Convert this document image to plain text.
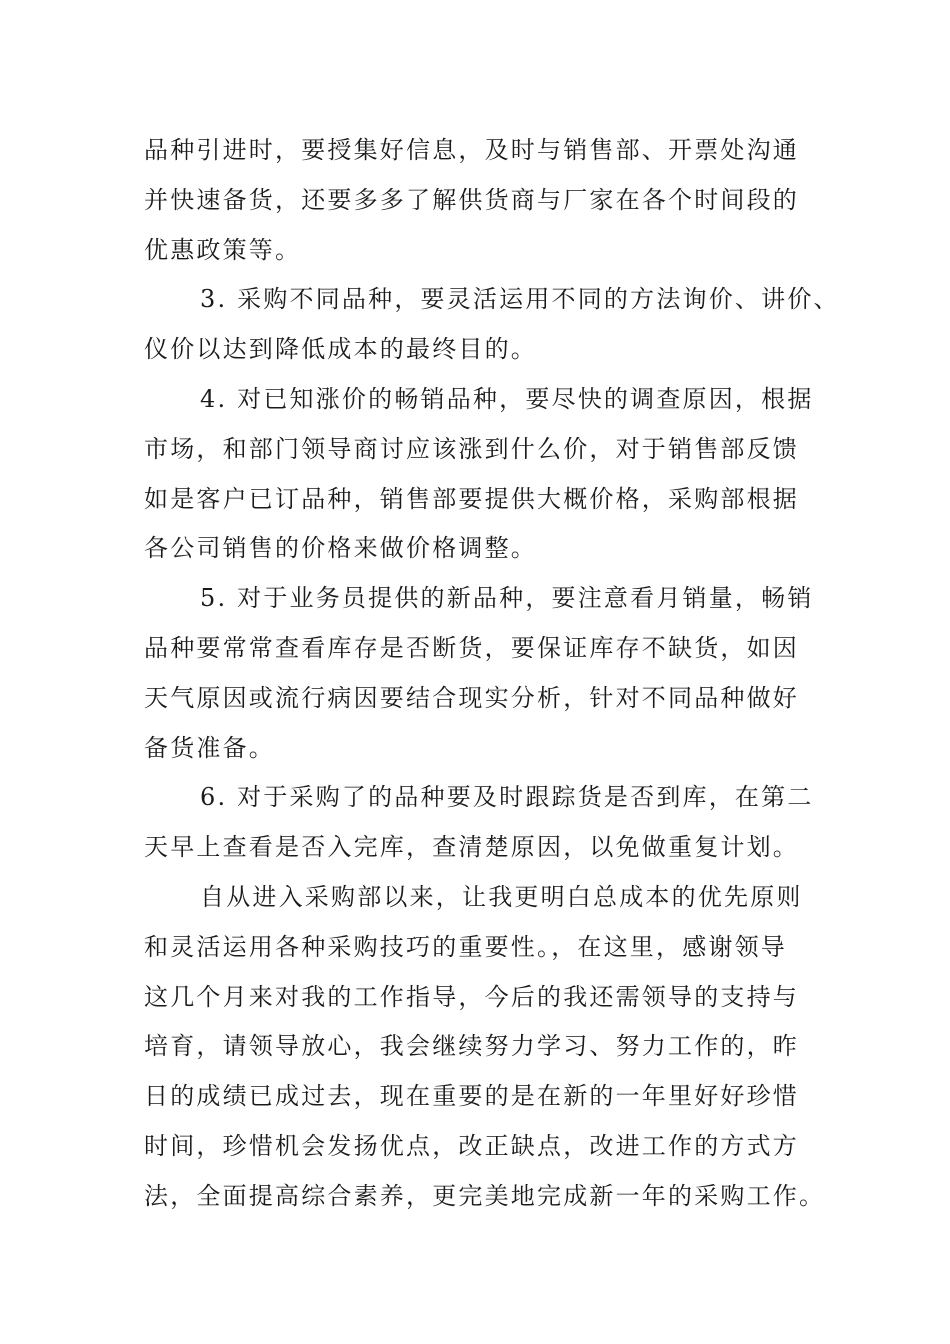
品种引进时，要授集好信息，及时与销售部、开票处沟通
并快速备货，还要多多了解供货商与厂家在各个时间段的
优惠政策等。

3. 采购不同品种，要灵活运用不同的方法询价、讲价、
仪价以达到降低成本的最终目的。

4. 对已知涨价的畅销品种，要尽快的调查原因，根据
市场，和部门领导商讨应该涨到什么价，对于销售部反馈
如是客户已订品种，销售部要提供大概价格，采购部根据
各公司销售的价格来做价格调整。

5. 对于业务员提供的新品种，要注意看月销量，畅销
品种要常常查看库存是否断货，要保证库存不缺货，如因
天气原因或流行病因要结合现实分析，针对不同品种做好
备货准备。

6. 对于采购了的品种要及时跟踪货是否到库，在第二
天早上查看是否入完库，查清楚原因，以免做重复计划。

自从进入采购部以来，让我更明白总成本的优先原则
和灵活运用各种采购技巧的重要性。，在这里，感谢领导
这几个月来对我的工作指导，今后的我还需领导的支持与
培育，请领导放心，我会继续努力学习、努力工作的，昨
日的成绩已成过去，现在重要的是在新的一年里好好珍惜
时间，珍惜机会发扬优点，改正缺点，改进工作的方式方
法，全面提高综合素养，更完美地完成新一年的采购工作。
